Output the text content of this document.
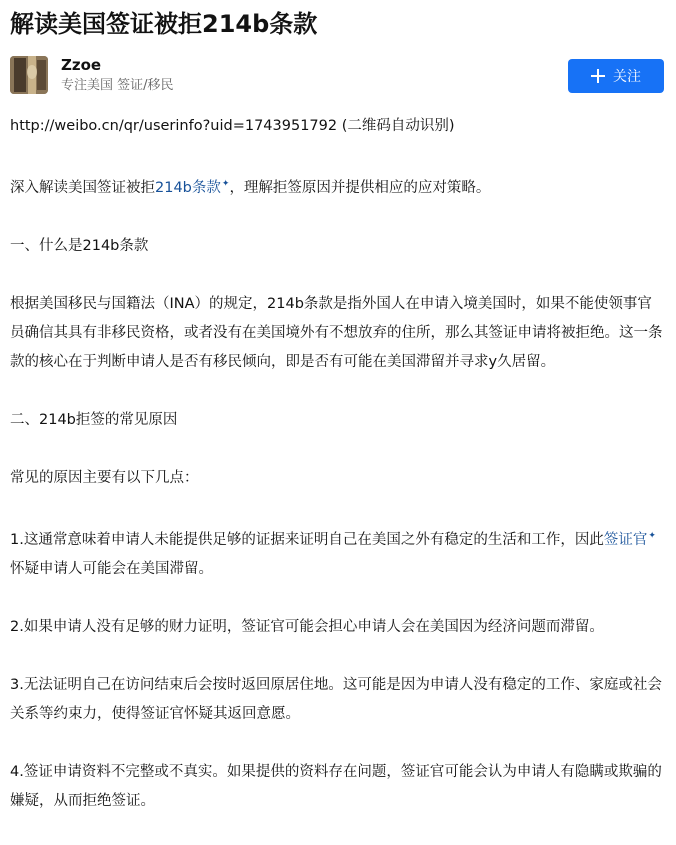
解读美国签证被拒214b条款
Zzoe
专注美国 签证/移民
关注

http://weibo.cn/qr/userinfo?uid=1743951792 (二维码自动识别)

深入解读美国签证被拒214b条款✦，理解拒签原因并提供相应的应对策略。

一、什么是214b条款

根据美国移民与国籍法（INA）的规定，214b条款是指外国人在申请入境美国时，如果不能使领事官员确信其具有非移民资格，或者没有在美国境外有不想放弃的住所，那么其签证申请将被拒绝。这一条款的核心在于判断申请人是否有移民倾向，即是否有可能在美国滞留并寻求y久居留。

二、214b拒签的常见原因

常见的原因主要有以下几点：

1.这通常意味着申请人未能提供足够的证据来证明自己在美国之外有稳定的生活和工作，因此签证官✦怀疑申请人可能会在美国滞留。

2.如果申请人没有足够的财力证明，签证官可能会担心申请人会在美国因为经济问题而滞留。

3.无法证明自己在访问结束后会按时返回原居住地。这可能是因为申请人没有稳定的工作、家庭或社会关系等约束力，使得签证官怀疑其返回意愿。

4.签证申请资料不完整或不真实。如果提供的资料存在问题，签证官可能会认为申请人有隐瞒或欺骗的嫌疑，从而拒绝签证。
